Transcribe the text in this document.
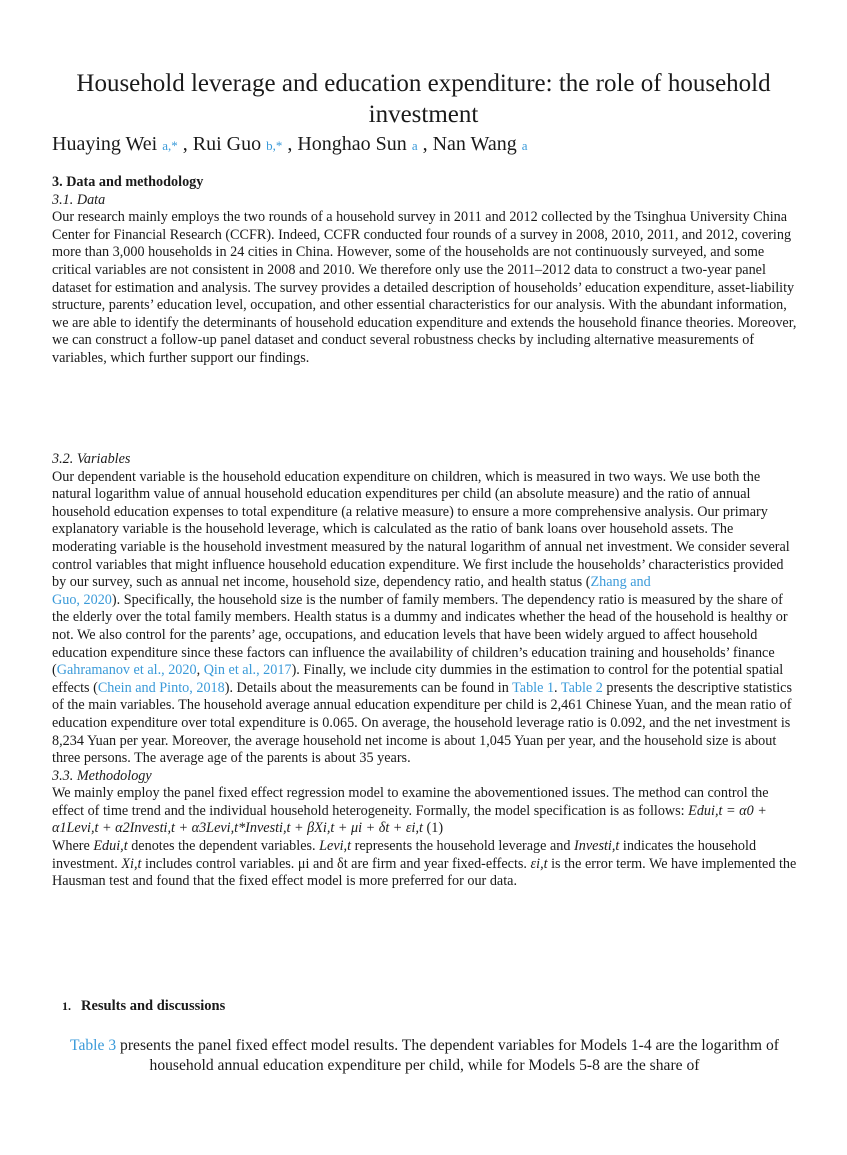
Household leverage and education expenditure: the role of household investment
Huaying Wei a,* , Rui Guo b,* , Honghao Sun a , Nan Wang a

3. Data and methodology

3.1. Data

Our research mainly employs the two rounds of a household survey in 2011 and 2012 collected by the Tsinghua University China

Center for Financial Research (CCFR). Indeed, CCFR conducted four rounds of a survey in 2008, 2010, 2011, and 2012, covering more than 3,000 households in 24 cities in China. However, some of the households are not continuously surveyed, and some critical variables are not consistent in 2008 and 2010. We therefore only use the 2011–2012 data to construct a two-year panel dataset for estimation and analysis. The survey provides a detailed description of households’ education expenditure, asset-liability structure, parents’ education level, occupation, and other essential characteristics for our analysis. With the abundant information, we are able to identify the determinants of household education expenditure and extends the household finance theories. Moreover, we can construct a follow-up panel dataset and conduct several robustness checks by including alternative measurements of variables, which further support our findings.

3.2. Variables

Our dependent variable is the household education expenditure on children, which is measured in two ways. We use both the

natural logarithm value of annual household education expenditures per child (an absolute measure) and the ratio of annual household education expenses to total expenditure (a relative measure) to ensure a more comprehensive analysis. Our primary explanatory variable is the household leverage, which is calculated as the ratio of bank loans over household assets. The moderating variable is the household investment measured by the natural logarithm of annual net investment. We consider several control variables that might influence household education expenditure. We first include the households’ characteristics provided by our survey, such as annual net income, household size, dependency ratio, and health status (Zhang and
Guo, 2020). Specifically, the household size is the number of family members. The dependency ratio is measured by the share of the elderly over the total family members. Health status is a dummy and indicates whether the head of the household is healthy or not. We also control for the parents’ age, occupations, and education levels that have been widely argued to affect household education expenditure since these factors can influence the availability of children’s education training and households’ finance (Gahramanov et al., 2020, Qin et al., 2017). Finally, we include city dummies in the estimation to control for the potential spatial effects (Chein and Pinto, 2018). Details about the measurements can be found in Table 1. Table 2 presents the descriptive statistics of the main variables. The household average annual education expenditure per child is 2,461 Chinese Yuan, and the mean ratio of education expenditure over total expenditure is 0.065. On average, the household leverage ratio is 0.092, and the net investment is 8,234 Yuan per year. Moreover, the average household net income is about 1,045 Yuan per year, and the household size is about three persons. The average age of the parents is about 35 years.

3.3. Methodology

We mainly employ the panel fixed effect regression model to examine the abovementioned issues. The method can control the effect of time trend and the individual household heterogeneity. Formally, the model specification is as follows: Edui,t = α0 + α1Levi,t + α2Investi,t + α3Levi,t*Investi,t + βXi,t + μi + δt + εi,t (1)

Where Edui,t denotes the dependent variables. Levi,t represents the household leverage and Investi,t indicates the household investment. Xi,t includes control variables. μi and δt are firm and year fixed-effects. εi,t is the error term. We have implemented the Hausman test and found that the fixed effect model is more preferred for our data.

1. Results and discussions
Table 3 presents the panel fixed effect model results. The dependent variables for Models 1-4 are the logarithm of household annual education expenditure per child, while for Models 5-8 are the share of
